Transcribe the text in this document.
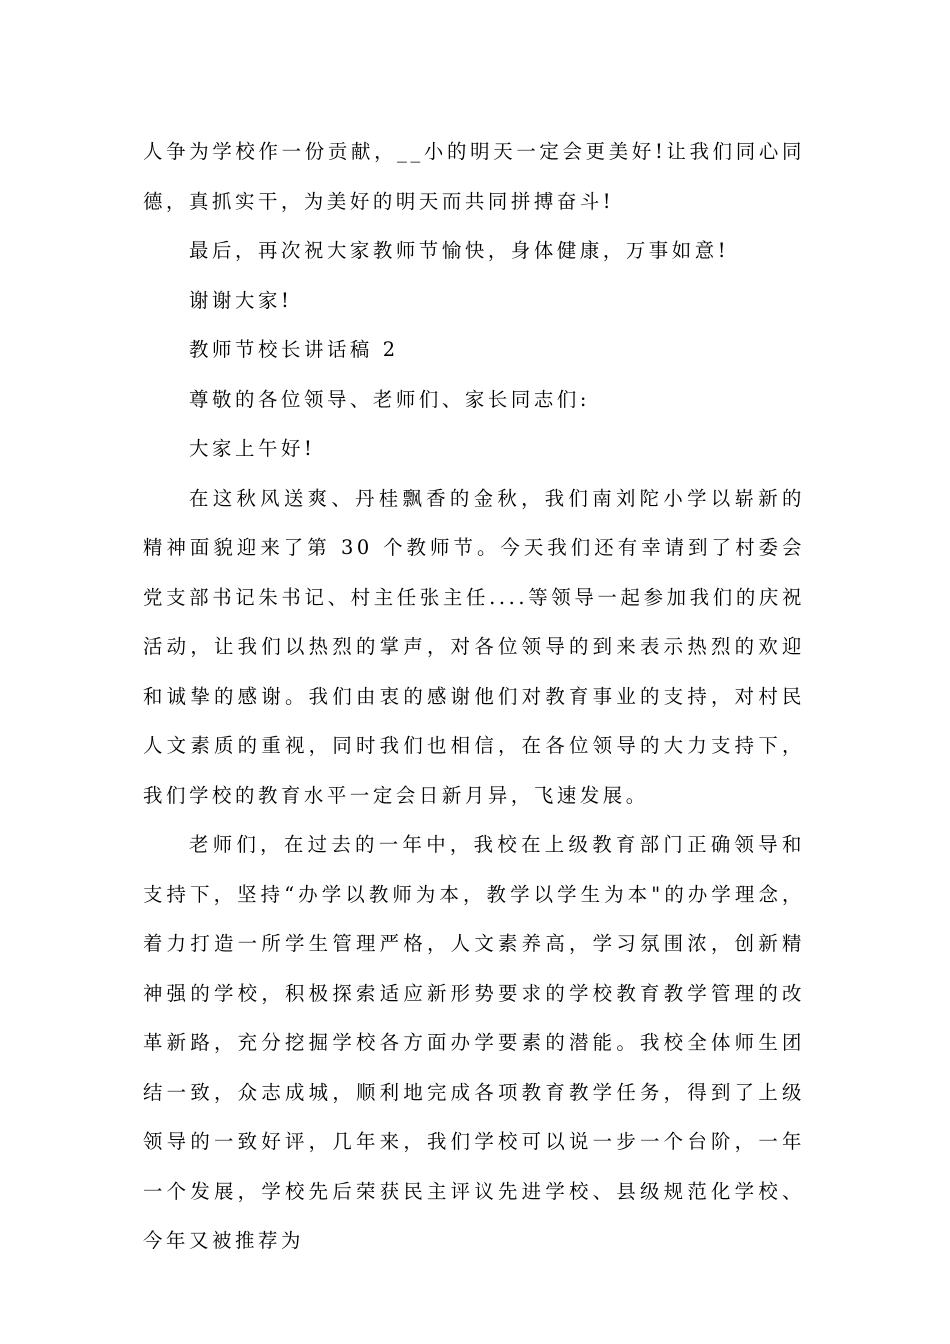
人争为学校作一份贡献，__小的明天一定会更美好!让我们同心同德，真抓实干，为美好的明天而共同拼搏奋斗!

最后，再次祝大家教师节愉快，身体健康，万事如意!

谢谢大家!

教师节校长讲话稿 2

尊敬的各位领导、老师们、家长同志们:

大家上午好!

在这秋风送爽、丹桂飘香的金秋，我们南刘陀小学以崭新的精神面貌迎来了第 30 个教师节。今天我们还有幸请到了村委会党支部书记朱书记、村主任张主任....等领导一起参加我们的庆祝活动，让我们以热烈的掌声，对各位领导的到来表示热烈的欢迎和诚挚的感谢。我们由衷的感谢他们对教育事业的支持，对村民人文素质的重视，同时我们也相信，在各位领导的大力支持下，我们学校的教育水平一定会日新月异，飞速发展。

老师们，在过去的一年中，我校在上级教育部门正确领导和支持下，坚持“办学以教师为本，教学以学生为本"的办学理念，着力打造一所学生管理严格，人文素养高，学习氛围浓，创新精神强的学校，积极探索适应新形势要求的学校教育教学管理的改革新路，充分挖掘学校各方面办学要素的潜能。我校全体师生团结一致，众志成城，顺利地完成各项教育教学任务，得到了上级领导的一致好评，几年来，我们学校可以说一步一个台阶，一年一个发展，学校先后荣获民主评议先进学校、县级规范化学校、今年又被推荐为
